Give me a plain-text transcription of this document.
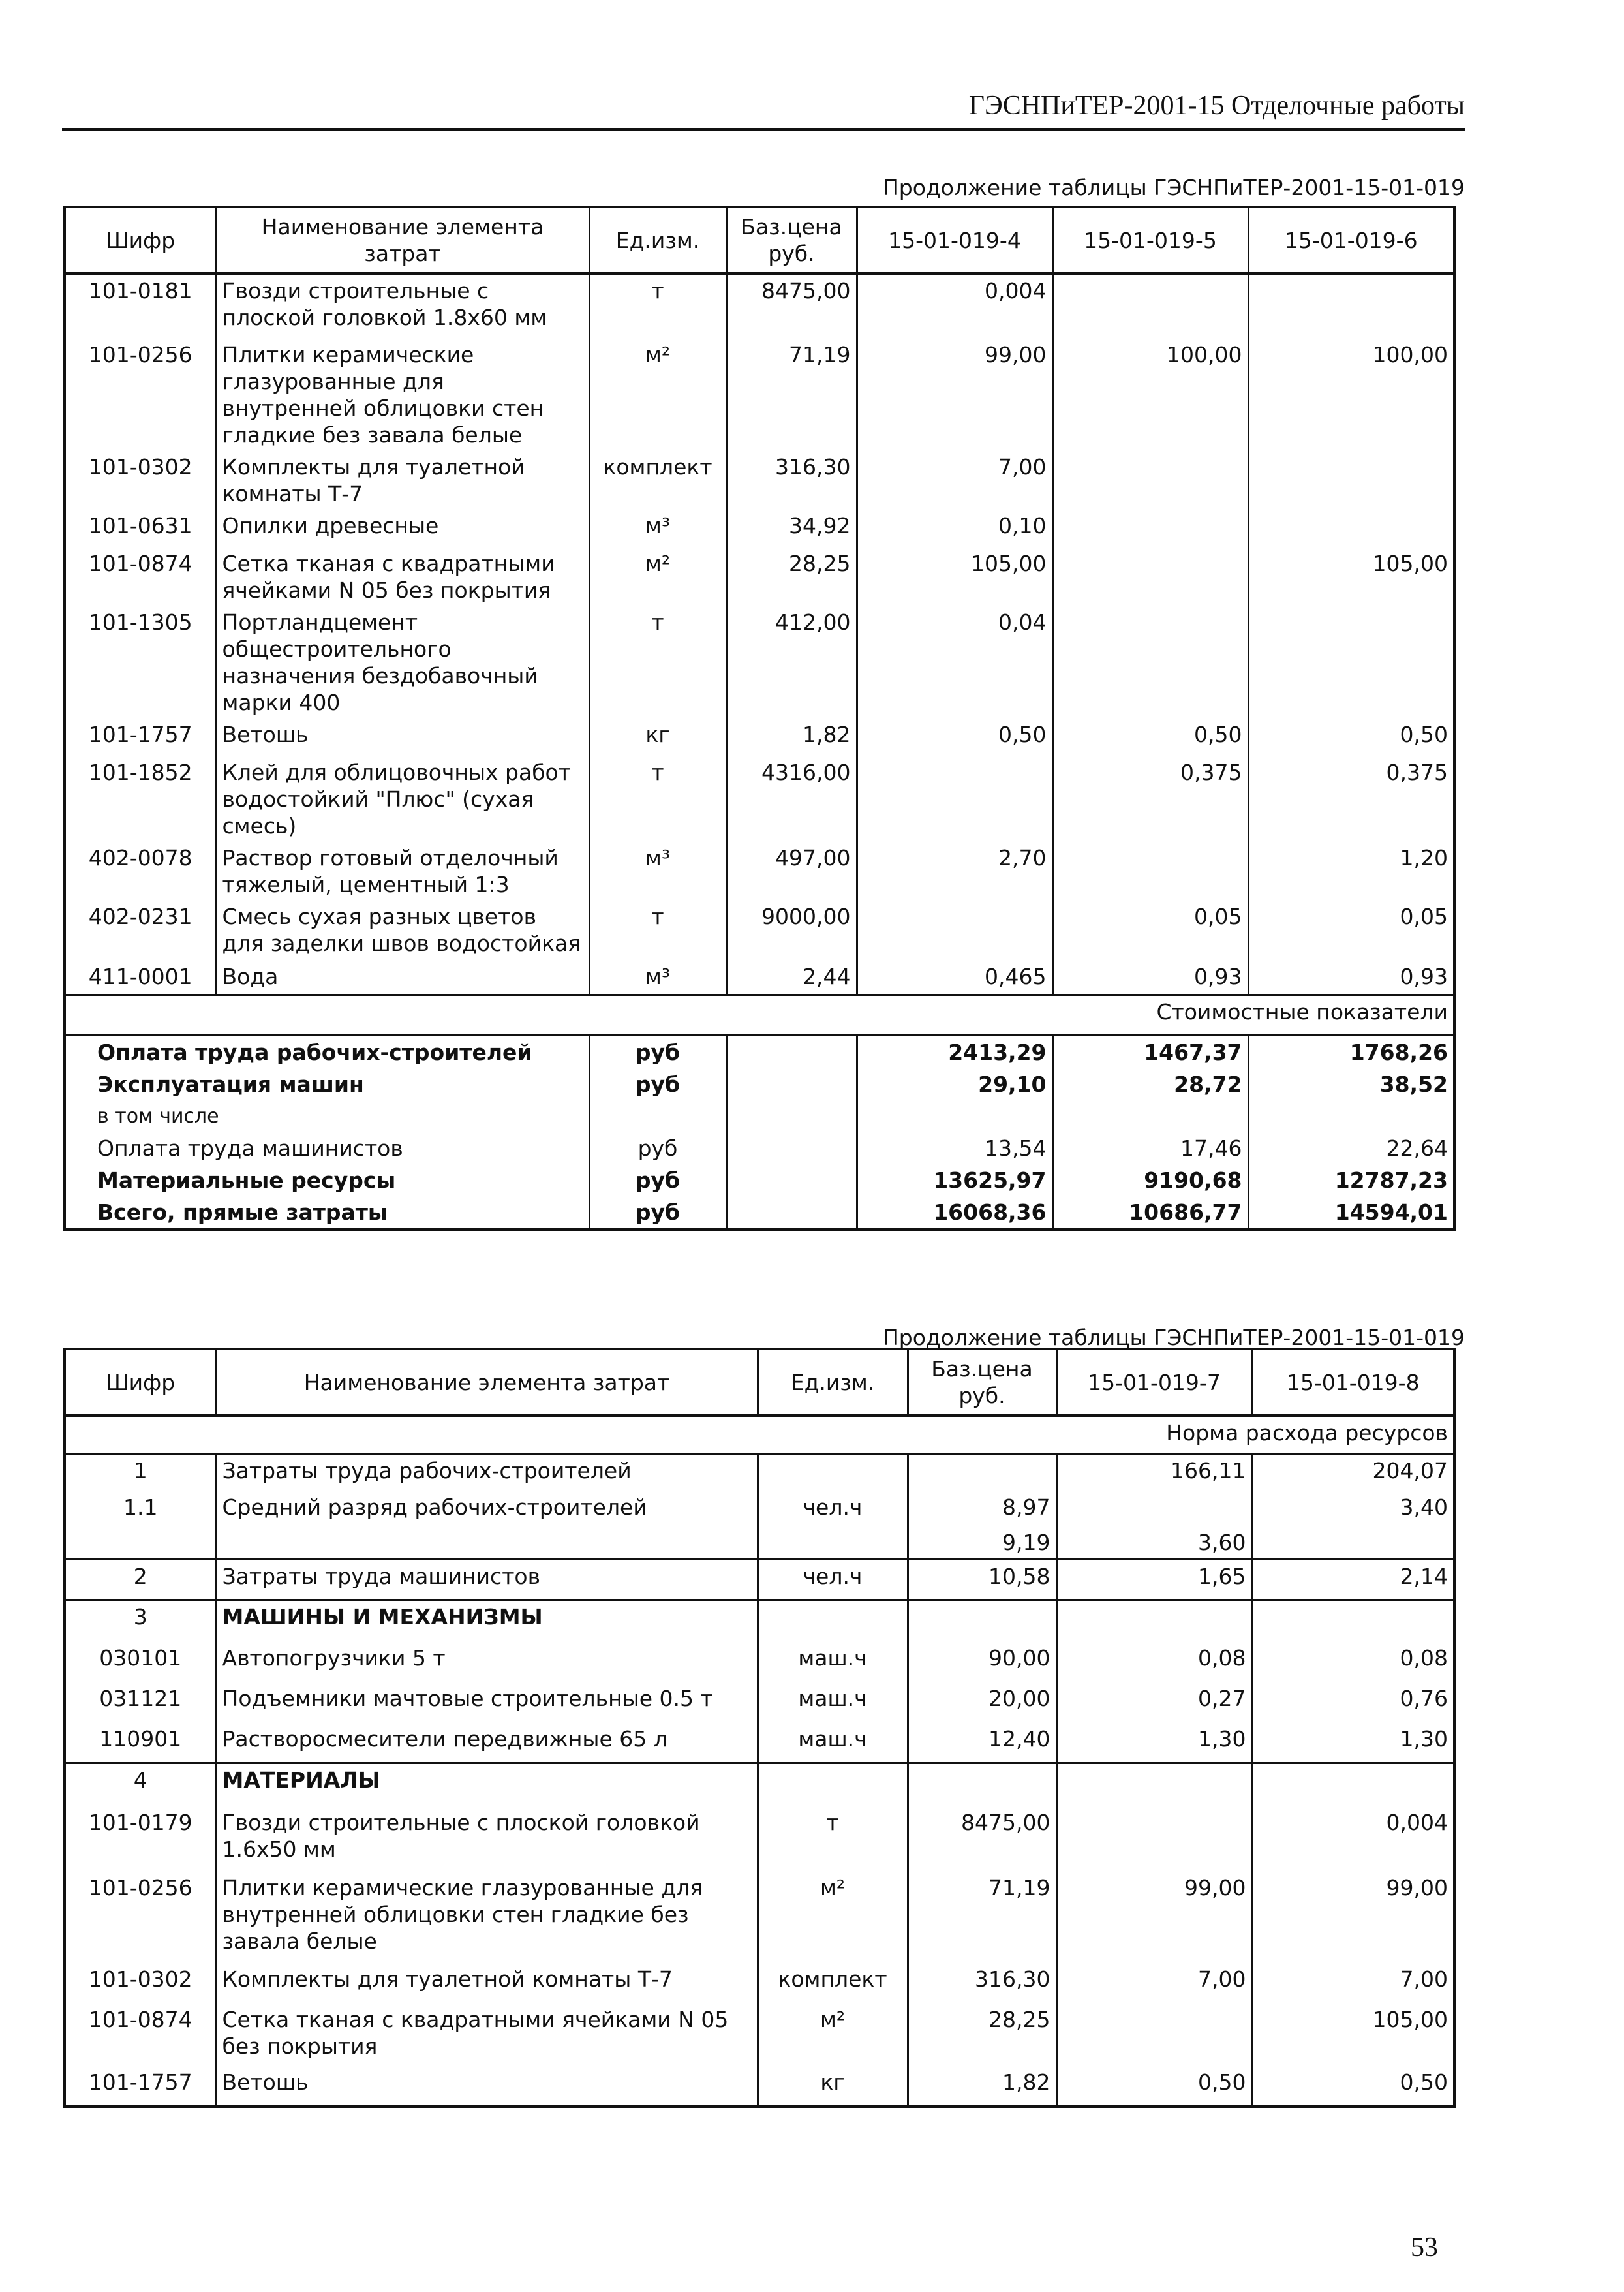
ГЭСНПиТЕР-2001-15 Отделочные работы
Продолжение таблицы ГЭСНПиТЕР-2001-15-01-019
Шифр	Наименование элемента затрат	Ед.изм.	Баз.цена руб.	15-01-019-4	15-01-019-5	15-01-019-6
101-0181	Гвозди строительные с плоской головкой 1.8х60 мм	т	8475,00	0,004		
101-0256	Плитки керамические глазурованные для внутренней облицовки стен гладкие без завала белые	м²	71,19	99,00	100,00	100,00
101-0302	Комплекты для туалетной комнаты Т-7	комплект	316,30	7,00		
101-0631	Опилки древесные	м³	34,92	0,10		
101-0874	Сетка тканая с квадратными ячейками N 05 без покрытия	м²	28,25	105,00		105,00
101-1305	Портландцемент общестроительного назначения бездобавочный марки 400	т	412,00	0,04		
101-1757	Ветошь	кг	1,82	0,50	0,50	0,50
101-1852	Клей для облицовочных работ водостойкий "Плюс" (сухая смесь)	т	4316,00		0,375	0,375
402-0078	Раствор готовый отделочный тяжелый, цементный 1:3	м³	497,00	2,70		1,20
402-0231	Смесь сухая разных цветов для заделки швов водостойкая	т	9000,00		0,05	0,05
411-0001	Вода	м³	2,44	0,465	0,93	0,93
Стоимостные показатели						
Оплата труда рабочих-строителей		руб		2413,29	1467,37	1768,26
Эксплуатация машин		руб		29,10	28,72	38,52
в том числе						
Оплата труда машинистов		руб		13,54	17,46	22,64
Материальные ресурсы		руб		13625,97	9190,68	12787,23
Всего, прямые затраты		руб		16068,36	10686,77	14594,01
Продолжение таблицы ГЭСНПиТЕР-2001-15-01-019
Шифр	Наименование элемента затрат	Ед.изм.	Баз.цена руб.	15-01-019-7	15-01-019-8
Норма расхода ресурсов					
1	Затраты труда рабочих-строителей			166,11	204,07
1.1	Средний разряд рабочих-строителей	чел.ч	8,97		3,40
			9,19	3,60	
2	Затраты труда машинистов	чел.ч	10,58	1,65	2,14
3	МАШИНЫ И МЕХАНИЗМЫ				
030101	Автопогрузчики 5 т	маш.ч	90,00	0,08	0,08
031121	Подъемники мачтовые строительные 0.5 т	маш.ч	20,00	0,27	0,76
110901	Растворосмесители передвижные 65 л	маш.ч	12,40	1,30	1,30
4	МАТЕРИАЛЫ				
101-0179	Гвозди строительные с плоской головкой 1.6х50 мм	т	8475,00		0,004
101-0256	Плитки керамические глазурованные для внутренней облицовки стен гладкие без завала белые	м²	71,19	99,00	99,00
101-0302	Комплекты для туалетной комнаты Т-7	комплект	316,30	7,00	7,00
101-0874	Сетка тканая с квадратными ячейками N 05 без покрытия	м²	28,25		105,00
101-1757	Ветошь	кг	1,82	0,50	0,50
53
